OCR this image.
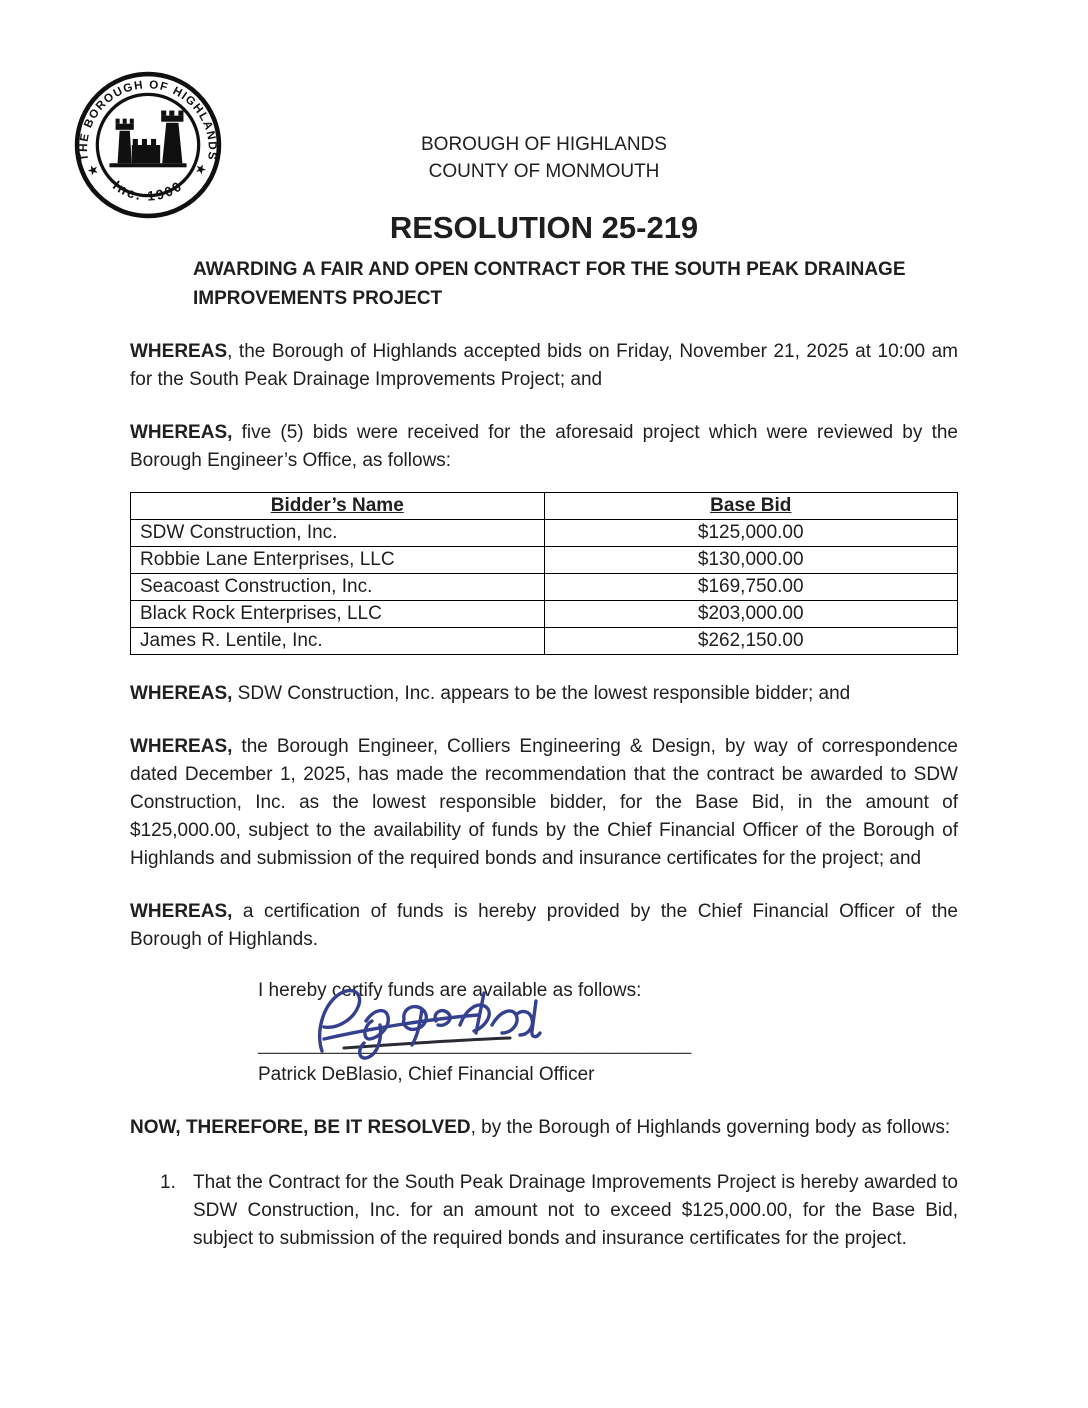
THE BOROUGH OF HIGHLANDS
Inc. 1900
★	★
BOROUGH OF HIGHLANDS
COUNTY OF MONMOUTH
RESOLUTION 25-219
AWARDING A FAIR AND OPEN CONTRACT FOR THE SOUTH PEAK DRAINAGE
IMPROVEMENTS PROJECT

WHEREAS, the Borough of Highlands accepted bids on Friday, November 21, 2025 at 10:00 am for the South Peak Drainage Improvements Project; and

WHEREAS, five (5) bids were received for the aforesaid project which were reviewed by the Borough Engineer’s Office, as follows:

Bidder’s Name	Base Bid
SDW Construction, Inc.	$125,000.00
Robbie Lane Enterprises, LLC	$130,000.00
Seacoast Construction, Inc.	$169,750.00
Black Rock Enterprises, LLC	$203,000.00
James R. Lentile, Inc.	$262,150.00

WHEREAS, SDW Construction, Inc. appears to be the lowest responsible bidder; and

WHEREAS, the Borough Engineer, Colliers Engineering & Design, by way of correspondence dated December 1, 2025, has made the recommendation that the contract be awarded to SDW Construction, Inc. as the lowest responsible bidder, for the Base Bid, in the amount of $125,000.00, subject to the availability of funds by the Chief Financial Officer of the Borough of Highlands and submission of the required bonds and insurance certificates for the project; and

WHEREAS, a certification of funds is hereby provided by the Chief Financial Officer of the Borough of Highlands.

I hereby certify funds are available as follows:
_________________________________________
Patrick DeBlasio, Chief Financial Officer

NOW, THEREFORE, BE IT RESOLVED, by the Borough of Highlands governing body as follows:

1. That the Contract for the South Peak Drainage Improvements Project is hereby awarded to SDW Construction, Inc. for an amount not to exceed $125,000.00, for the Base Bid, subject to submission of the required bonds and insurance certificates for the project.
